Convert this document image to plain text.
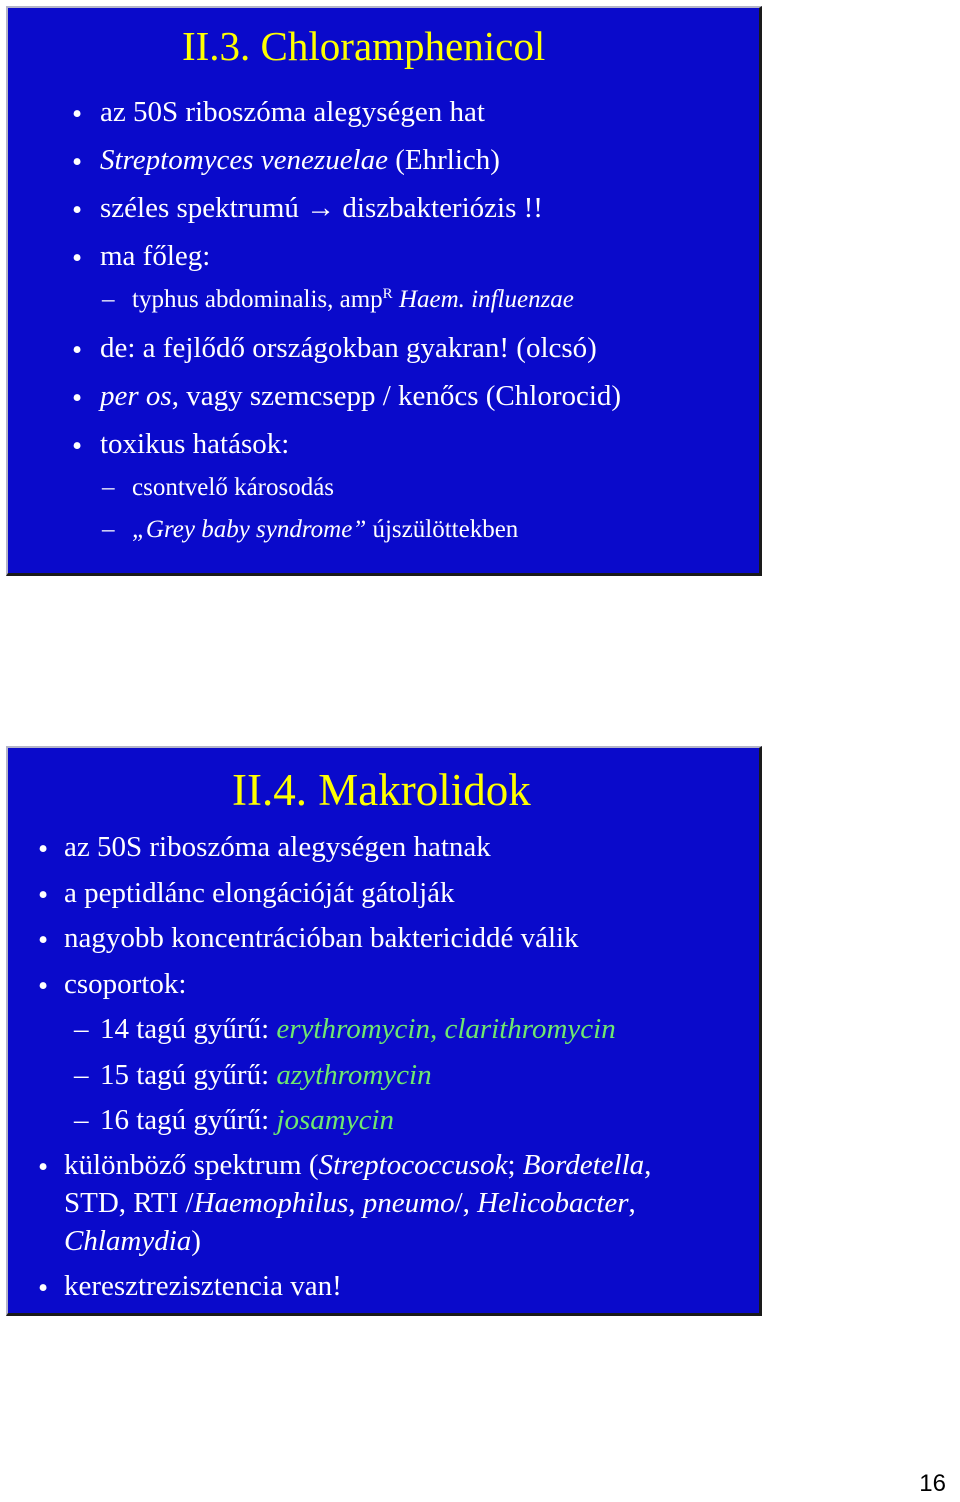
II.3. Chloramphenicol
• az 50S riboszóma alegységen hat
• Streptomyces venezuelae (Ehrlich)
• széles spektrumú → diszbakteriózis !!
• ma főleg:
– typhus abdominalis, amp$^R$ Haem. influenzae
• de: a fejlődő országokban gyakran! (olcsó)
• per os, vagy szemcsepp / kenőcs (Chlorocid)
• toxikus hatások:
– csontvelő károsodás
– „Grey baby syndrome” újszülöttekben
II.4. Makrolidok
• az 50S riboszóma alegységen hatnak
• a peptidlánc elongációját gátolják
• nagyobb koncentrációban baktericiddé válik
• csoportok:
– 14 tagú gyűrű: erythromycin, clarithromycin
– 15 tagú gyűrű: azythromycin
– 16 tagú gyűrű: josamycin
• különböző spektrum (Streptococcusok; Bordetella,
STD, RTI /Haemophilus, pneumo/, Helicobacter,
Chlamydia)
• keresztrezisztencia van!
16
